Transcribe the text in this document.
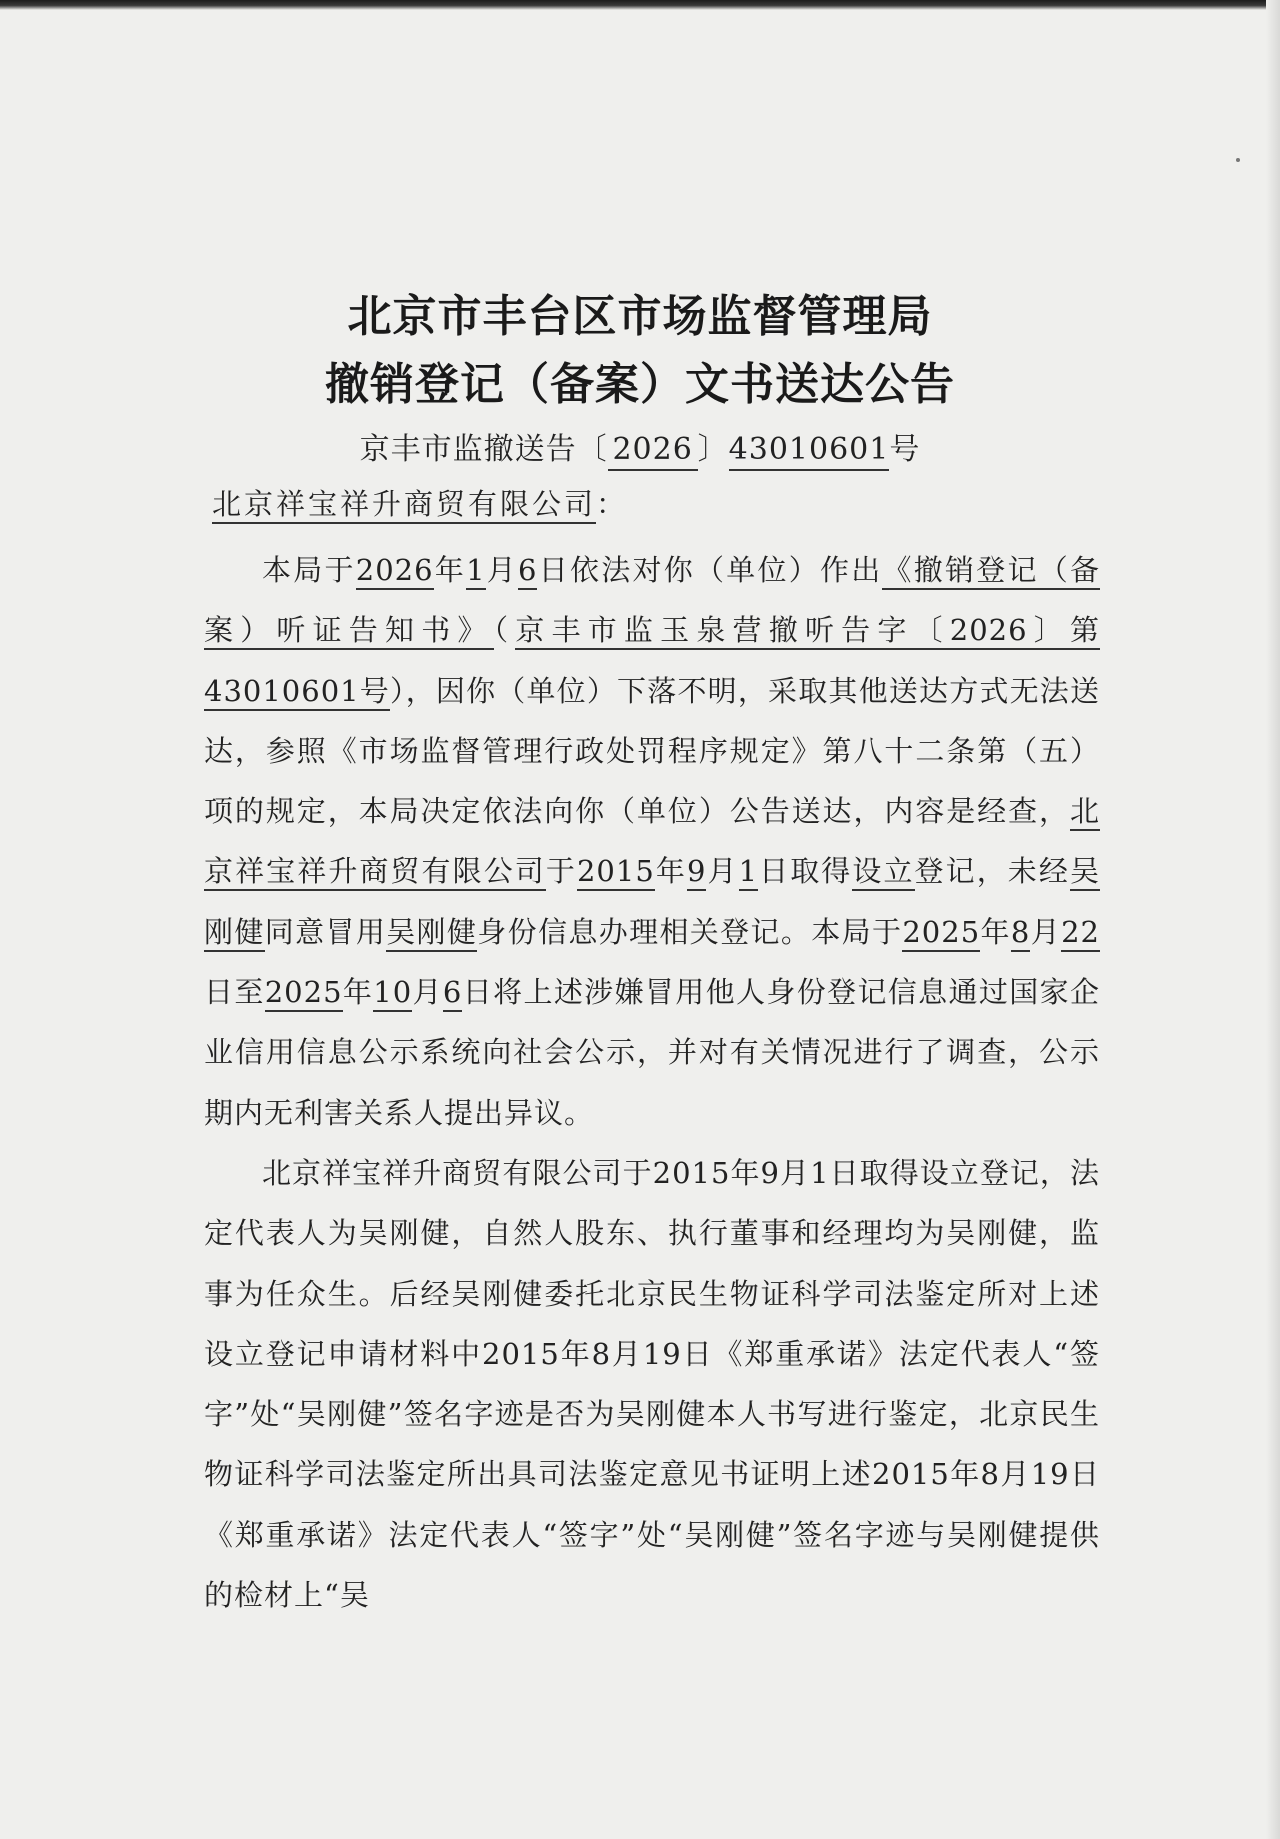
北京市丰台区市场监督管理局
撤销登记（备案）文书送达公告
京丰市监撤送告〔 2026 〕43010601号
北京祥宝祥升商贸有限公司：

本局于2026年1月6日依法对你（单位）作出《撤销登记（备案）听证告知书》（京丰市监玉泉营撤听告字〔2026〕第43010601号），因你（单位）下落不明，采取其他送达方式无法送达，参照《市场监督管理行政处罚程序规定》第八十二条第（五）项的规定，本局决定依法向你（单位）公告送达，内容是经查，北京祥宝祥升商贸有限公司于2015年9月1日取得设立登记，未经吴刚健同意冒用吴刚健身份信息办理相关登记。本局于2025年8月22日至2025年10月6日将上述涉嫌冒用他人身份登记信息通过国家企业信用信息公示系统向社会公示，并对有关情况进行了调查，公示期内无利害关系人提出异议。

北京祥宝祥升商贸有限公司于2015年9月1日取得设立登记，法定代表人为吴刚健，自然人股东、执行董事和经理均为吴刚健，监事为任众生。后经吴刚健委托北京民生物证科学司法鉴定所对上述设立登记申请材料中2015年8月19日《郑重承诺》法定代表人“签字”处“吴刚健”签名字迹是否为吴刚健本人书写进行鉴定，北京民生物证科学司法鉴定所出具司法鉴定意见书证明上述2015年8月19日《郑重承诺》法定代表人“签字”处“吴刚健”签名字迹与吴刚健提供的检材上“吴
